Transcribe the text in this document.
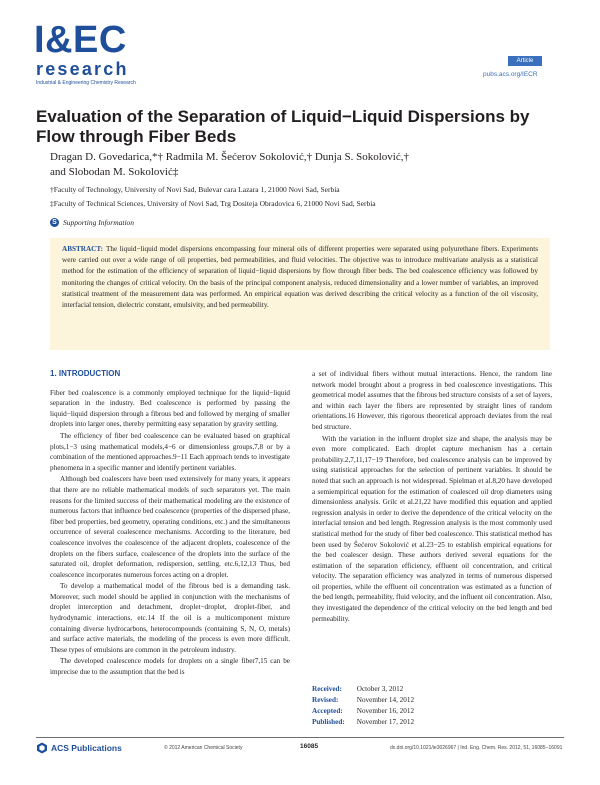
I&EC
research
Industrial & Engineering Chemistry Research
Article
pubs.acs.org/IECR
Evaluation of the Separation of Liquid−Liquid Dispersions by Flow through Fiber Beds
Dragan D. Govedarica,*† Radmila M. Šećerov Sokolović,† Dunja S. Sokolović,†
and Slobodan M. Sokolović‡
†Faculty of Technology, University of Novi Sad, Bulevar cara Lazara 1, 21000 Novi Sad, Serbia
‡Faculty of Technical Sciences, University of Novi Sad, Trg Dositeja Obradovica 6, 21000 Novi Sad, Serbia
S Supporting Information
ABSTRACT: The liquid−liquid model dispersions encompassing four mineral oils of different properties were separated using polyurethane fibers. Experiments were carried out over a wide range of oil properties, bed permeabilities, and fluid velocities. The objective was to introduce multivariate analysis as a statistical method for the estimation of the efficiency of separation of liquid−liquid dispersions by flow through fiber beds. The bed coalescence efficiency was followed by monitoring the changes of critical velocity. On the basis of the principal component analysis, reduced dimensionality and a lower number of variables, an improved statistical treatment of the measurement data was performed. An empirical equation was derived describing the critical velocity as a function of the oil viscosity, interfacial tension, dielectric constant, emulsivity, and bed permeability.
1. INTRODUCTION

Fiber bed coalescence is a commonly employed technique for the liquid−liquid separation in the industry. Bed coalescence is performed by passing the liquid−liquid dispersion through a fibrous bed and followed by merging of smaller droplets into larger ones, thereby permitting easy separation by gravity settling.

The efficiency of fiber bed coalescence can be evaluated based on graphical plots,1−3 using mathematical models,4−6 or dimensionless groups,7,8 or by a combination of the mentioned approaches.9−11 Each approach tends to investigate phenomena in a specific manner and identify pertinent variables.

Although bed coalescers have been used extensively for many years, it appears that there are no reliable mathematical models of such separators yet. The main reasons for the limited success of their mathematical modeling are the existence of numerous factors that influence bed coalescence (properties of the dispersed phase, fiber bed properties, bed geometry, operating conditions, etc.) and the simultaneous occurrence of several coalescence mechanisms. According to the literature, bed coalescence involves the coalescence of the adjacent droplets, coalescence of the droplets on the fibers surface, coalescence of the droplets into the surface of the saturated oil, droplet deformation, redispersion, settling, etc.6,12,13 Thus, bed coalescence incorporates numerous forces acting on a droplet.

To develop a mathematical model of the fibrous bed is a demanding task. Moreover, such model should be applied in conjunction with the mechanisms of droplet interception and detachment, droplet−droplet, droplet-fiber, and hydrodynamic interactions, etc.14 If the oil is a multicomponent mixture containing diverse hydrocarbons, heterocompounds (containing S, N, O, metals) and surface active materials, the modeling of the process is even more difficult. These types of emulsions are common in the petroleum industry.

The developed coalescence models for droplets on a single fiber7,15 can be imprecise due to the assumption that the bed is

a set of individual fibers without mutual interactions. Hence, the random line network model brought about a progress in bed coalescence investigations. This geometrical model assumes that the fibrous bed structure consists of a set of layers, and within each layer the fibers are represented by straight lines of random orientations.16 However, this rigorous theoretical approach deviates from the real bed structure.

With the variation in the influent droplet size and shape, the analysis may be even more complicated. Each droplet capture mechanism has a certain probability.2,7,11,17−19 Therefore, bed coalescence analysis can be improved by using statistical approaches for the selection of pertinent variables. It should be noted that such an approach is not widespread. Spielman et al.8,20 have developed a semiempirical equation for the estimation of coalesced oil drop diameters using dimensionless analysis. Grilc et al.21,22 have modified this equation and applied regression analysis in order to derive the dependence of the critical velocity on the interfacial tension and bed length. Regression analysis is the most commonly used statistical method for the study of fiber bed coalescence. This statistical method has been used by Šećerov Sokolović et al.23−25 to establish empirical equations for the bed coalescer design. These authors derived several equations for the estimation of the separation efficiency, effluent oil concentration, and critical velocity. The separation efficiency was analyzed in terms of numerous dispersed oil properties, while the effluent oil concentration was estimated as a function of the bed length, permeability, fluid velocity, and the influent oil concentration. Also, they investigated the dependence of the critical velocity on the bed length and bed permeability.

Received:	October 3, 2012
Revised:	November 14, 2012
Accepted:	November 16, 2012
Published:	November 17, 2012
ACS Publications	© 2012 American Chemical Society	16085	dx.doi.org/10.1021/ie3026967 | Ind. Eng. Chem. Res. 2012, 51, 16085−16091
